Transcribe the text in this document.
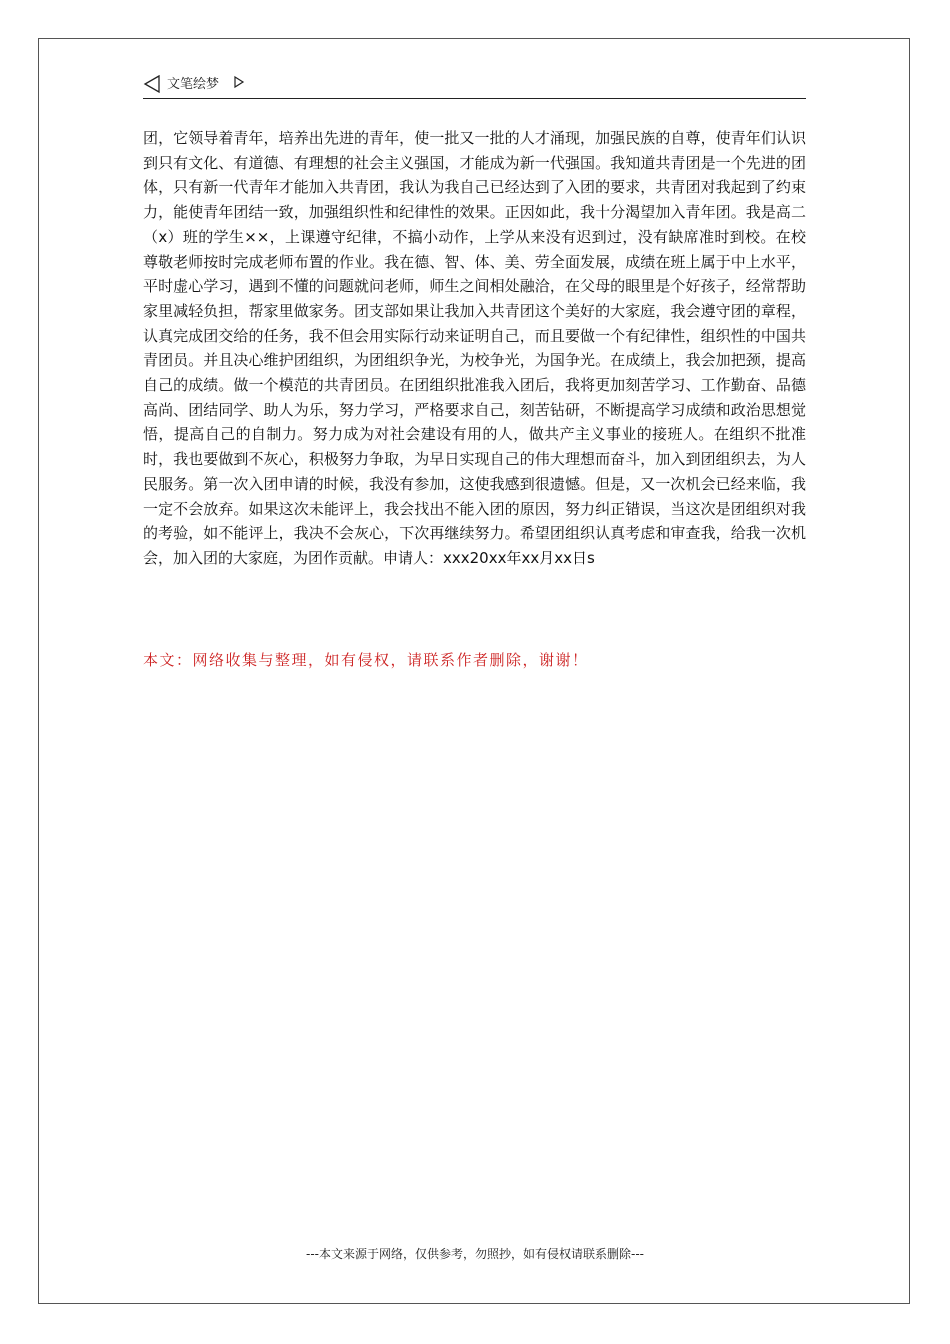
文笔绘梦

团，它领导着青年，培养出先进的青年，使一批又一批的人才涌现，加强民族的自尊，使青年们认识到只有文化、有道德、有理想的社会主义强国，才能成为新一代强国。我知道共青团是一个先进的团体，只有新一代青年才能加入共青团，我认为我自己已经达到了入团的要求，共青团对我起到了约束力，能使青年团结一致，加强组织性和纪律性的效果。正因如此，我十分渴望加入青年团。我是高二（x）班的学生××，上课遵守纪律，不搞小动作，上学从来没有迟到过，没有缺席准时到校。在校尊敬老师按时完成老师布置的作业。我在德、智、体、美、劳全面发展，成绩在班上属于中上水平，平时虚心学习，遇到不懂的问题就问老师，师生之间相处融洽，在父母的眼里是个好孩子，经常帮助家里减轻负担，帮家里做家务。团支部如果让我加入共青团这个美好的大家庭，我会遵守团的章程，认真完成团交给的任务，我不但会用实际行动来证明自己，而且要做一个有纪律性，组织性的中国共青团员。并且决心维护团组织，为团组织争光，为校争光，为国争光。在成绩上，我会加把颈，提高自己的成绩。做一个模范的共青团员。在团组织批准我入团后，我将更加刻苦学习、工作勤奋、品德高尚、团结同学、助人为乐，努力学习，严格要求自己，刻苦钻研，不断提高学习成绩和政治思想觉悟，提高自己的自制力。努力成为对社会建设有用的人，做共产主义事业的接班人。在组织不批准时，我也要做到不灰心，积极努力争取，为早日实现自己的伟大理想而奋斗，加入到团组织去，为人民服务。第一次入团申请的时候，我没有参加，这使我感到很遗憾。但是，又一次机会已经来临，我一定不会放弃。如果这次未能评上，我会找出不能入团的原因，努力纠正错误，当这次是团组织对我的考验，如不能评上，我决不会灰心，下次再继续努力。希望团组织认真考虑和审查我，给我一次机会，加入团的大家庭，为团作贡献。申请人：xxx20xx年xx月xx日s

本文：网络收集与整理，如有侵权，请联系作者删除，谢谢！
---本文来源于网络，仅供参考，勿照抄，如有侵权请联系删除---
